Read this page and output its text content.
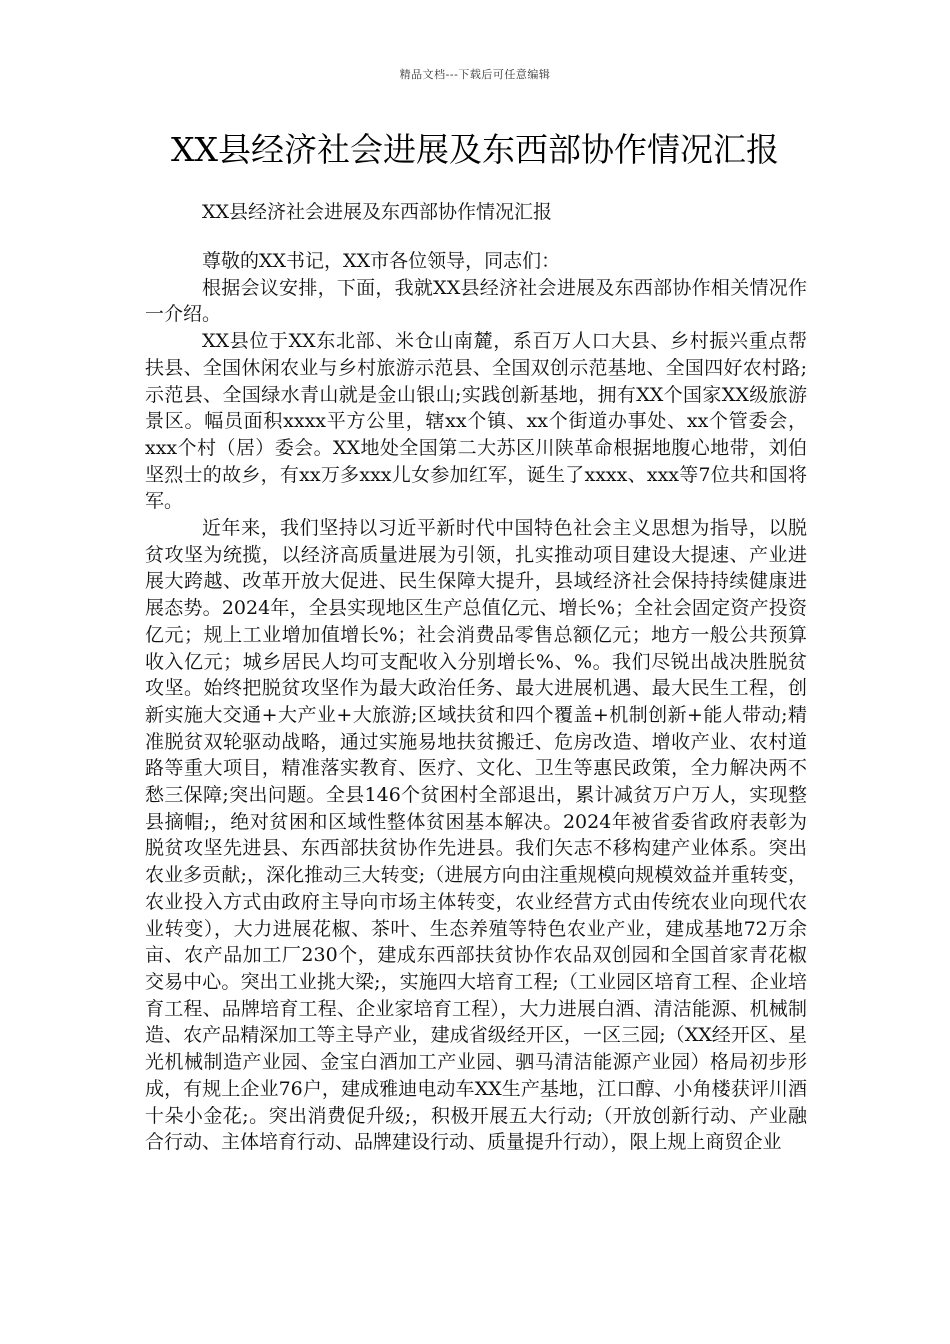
精品文档---下载后可任意编辑
XX县经济社会进展及东西部协作情况汇报
XX县经济社会进展及东西部协作情况汇报

尊敬的XX书记，XX市各位领导，同志们：

根据会议安排，下面，我就XX县经济社会进展及东西部协作相关情况作一介绍。

XX县位于XX东北部、米仓山南麓，系百万人口大县、乡村振兴重点帮扶县、全国休闲农业与乡村旅游示范县、全国双创示范基地、全国四好农村路;示范县、全国绿水青山就是金山银山;实践创新基地，拥有XX个国家XX级旅游景区。幅员面积xxxx平方公里，辖xx个镇、xx个街道办事处、xx个管委会，xxx个村（居）委会。XX地处全国第二大苏区川陕革命根据地腹心地带，刘伯坚烈士的故乡，有xx万多xxx儿女参加红军，诞生了xxxx、xxx等7位共和国将军。

近年来，我们坚持以习近平新时代中国特色社会主义思想为指导，以脱贫攻坚为统揽，以经济高质量进展为引领，扎实推动项目建设大提速、产业进展大跨越、改革开放大促进、民生保障大提升，县域经济社会保持持续健康进展态势。2024年，全县实现地区生产总值亿元、增长%；全社会固定资产投资亿元；规上工业增加值增长%；社会消费品零售总额亿元；地方一般公共预算收入亿元；城乡居民人均可支配收入分别增长%、%。我们尽锐出战决胜脱贫攻坚。始终把脱贫攻坚作为最大政治任务、最大进展机遇、最大民生工程，创新实施大交通+大产业+大旅游;区域扶贫和四个覆盖+机制创新+能人带动;精准脱贫双轮驱动战略，通过实施易地扶贫搬迁、危房改造、增收产业、农村道路等重大项目，精准落实教育、医疗、文化、卫生等惠民政策，全力解决两不愁三保障;突出问题。全县146个贫困村全部退出，累计减贫万户万人，实现整县摘帽;，绝对贫困和区域性整体贫困基本解决。2024年被省委省政府表彰为脱贫攻坚先进县、东西部扶贫协作先进县。我们矢志不移构建产业体系。突出农业多贡献;，深化推动三大转变;（进展方向由注重规模向规模效益并重转变，农业投入方式由政府主导向市场主体转变，农业经营方式由传统农业向现代农业转变），大力进展花椒、茶叶、生态养殖等特色农业产业，建成基地72万余亩、农产品加工厂230个，建成东西部扶贫协作农品双创园和全国首家青花椒交易中心。突出工业挑大梁;，实施四大培育工程;（工业园区培育工程、企业培育工程、品牌培育工程、企业家培育工程），大力进展白酒、清洁能源、机械制造、农产品精深加工等主导产业，建成省级经开区，一区三园;（XX经开区、星光机械制造产业园、金宝白酒加工产业园、驷马清洁能源产业园）格局初步形成，有规上企业76户，建成雅迪电动车XX生产基地，江口醇、小角楼获评川酒十朵小金花;。突出消费促升级;，积极开展五大行动;（开放创新行动、产业融合行动、主体培育行动、品牌建设行动、质量提升行动），限上规上商贸企业
